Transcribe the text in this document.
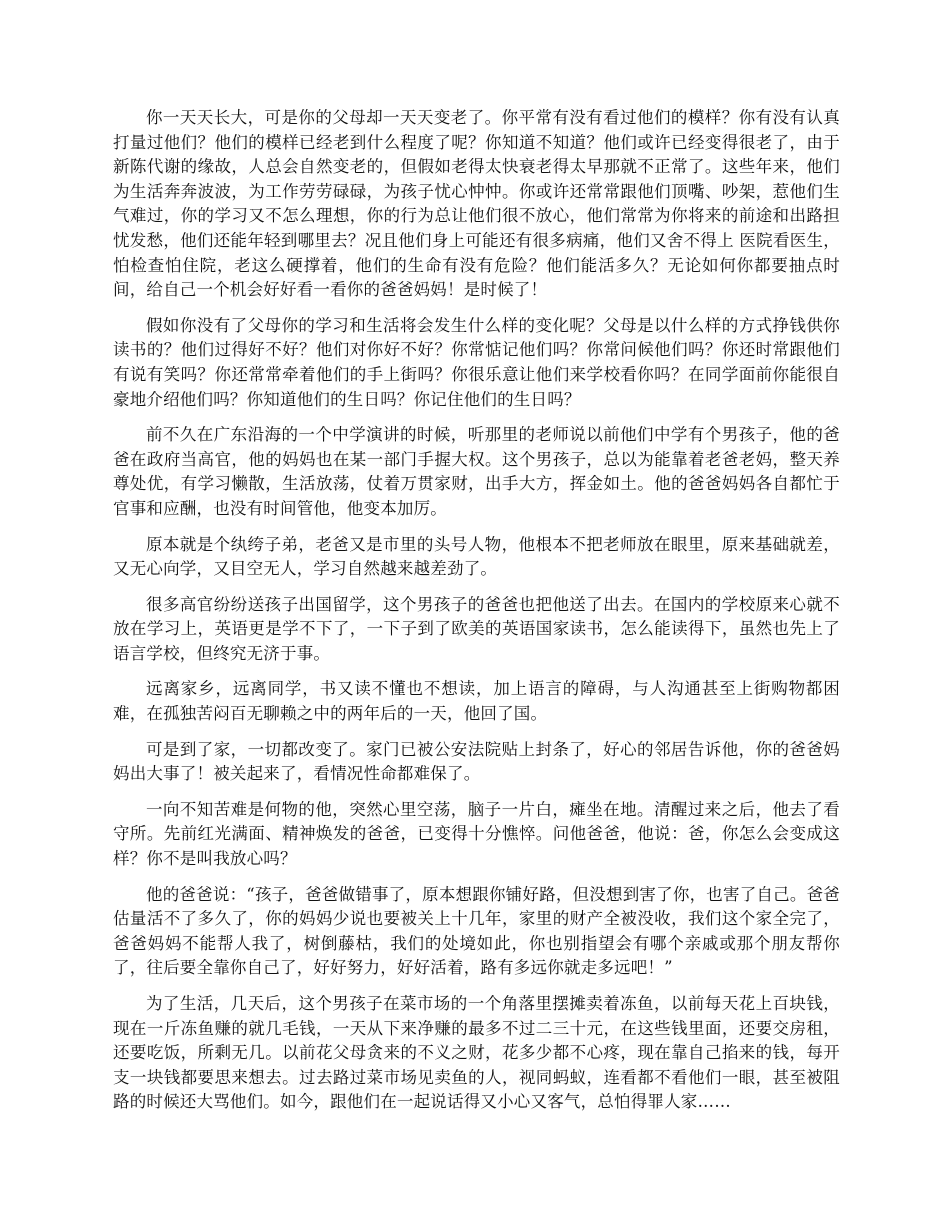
你一天天长大，可是你的父母却一天天变老了。你平常有没有看过他们的模样？你有没有认真打量过他们？他们的模样已经老到什么程度了呢？你知道不知道？他们或许已经变得很老了，由于新陈代谢的缘故，人总会自然变老的，但假如老得太快衰老得太早那就不正常了。这些年来，他们为生活奔奔波波，为工作劳劳碌碌，为孩子忧心忡忡。你或许还常常跟他们顶嘴、吵架，惹他们生气难过，你的学习又不怎么理想，你的行为总让他们很不放心，他们常常为你将来的前途和出路担忧发愁，他们还能年轻到哪里去？况且他们身上可能还有很多病痛，他们又舍不得上 医院看医生，怕检查怕住院，老这么硬撑着，他们的生命有没有危险？他们能活多久？无论如何你都要抽点时间，给自己一个机会好好看一看你的爸爸妈妈！是时候了！

假如你没有了父母你的学习和生活将会发生什么样的变化呢？父母是以什么样的方式挣钱供你读书的？他们过得好不好？他们对你好不好？你常惦记他们吗？你常问候他们吗？你还时常跟他们有说有笑吗？你还常常牵着他们的手上街吗？你很乐意让他们来学校看你吗？在同学面前你能很自豪地介绍他们吗？你知道他们的生日吗？你记住他们的生日吗？

前不久在广东沿海的一个中学演讲的时候，听那里的老师说以前他们中学有个男孩子，他的爸爸在政府当高官，他的妈妈也在某一部门手握大权。这个男孩子，总以为能靠着老爸老妈，整天养尊处优，有学习懒散，生活放荡，仗着万贯家财，出手大方，挥金如土。他的爸爸妈妈各自都忙于官事和应酬，也没有时间管他，他变本加厉。

原本就是个纨绔子弟，老爸又是市里的头号人物，他根本不把老师放在眼里，原来基础就差，又无心向学，又目空无人，学习自然越来越差劲了。

很多高官纷纷送孩子出国留学，这个男孩子的爸爸也把他送了出去。在国内的学校原来心就不放在学习上，英语更是学不下了，一下子到了欧美的英语国家读书，怎么能读得下，虽然也先上了语言学校，但终究无济于事。

远离家乡，远离同学，书又读不懂也不想读，加上语言的障碍，与人沟通甚至上街购物都困难，在孤独苦闷百无聊赖之中的两年后的一天，他回了国。

可是到了家，一切都改变了。家门已被公安法院贴上封条了，好心的邻居告诉他，你的爸爸妈妈出大事了！被关起来了，看情况性命都难保了。

一向不知苦难是何物的他，突然心里空荡，脑子一片白，瘫坐在地。清醒过来之后，他去了看守所。先前红光满面、精神焕发的爸爸，已变得十分憔悴。问他爸爸，他说：爸，你怎么会变成这样？你不是叫我放心吗？

他的爸爸说：“孩子，爸爸做错事了，原本想跟你铺好路，但没想到害了你，也害了自己。爸爸估量活不了多久了，你的妈妈少说也要被关上十几年，家里的财产全被没收，我们这个家全完了，爸爸妈妈不能帮人我了，树倒藤枯，我们的处境如此，你也别指望会有哪个亲戚或那个朋友帮你了，往后要全靠你自己了，好好努力，好好活着，路有多远你就走多远吧！”

为了生活，几天后，这个男孩子在菜市场的一个角落里摆摊卖着冻鱼，以前每天花上百块钱，现在一斤冻鱼赚的就几毛钱，一天从下来净赚的最多不过二三十元，在这些钱里面，还要交房租，还要吃饭，所剩无几。以前花父母贪来的不义之财，花多少都不心疼，现在靠自己掐来的钱，每开支一块钱都要思来想去。过去路过菜市场见卖鱼的人，视同蚂蚁，连看都不看他们一眼，甚至被阻路的时候还大骂他们。如今，跟他们在一起说话得又小心又客气，总怕得罪人家……
